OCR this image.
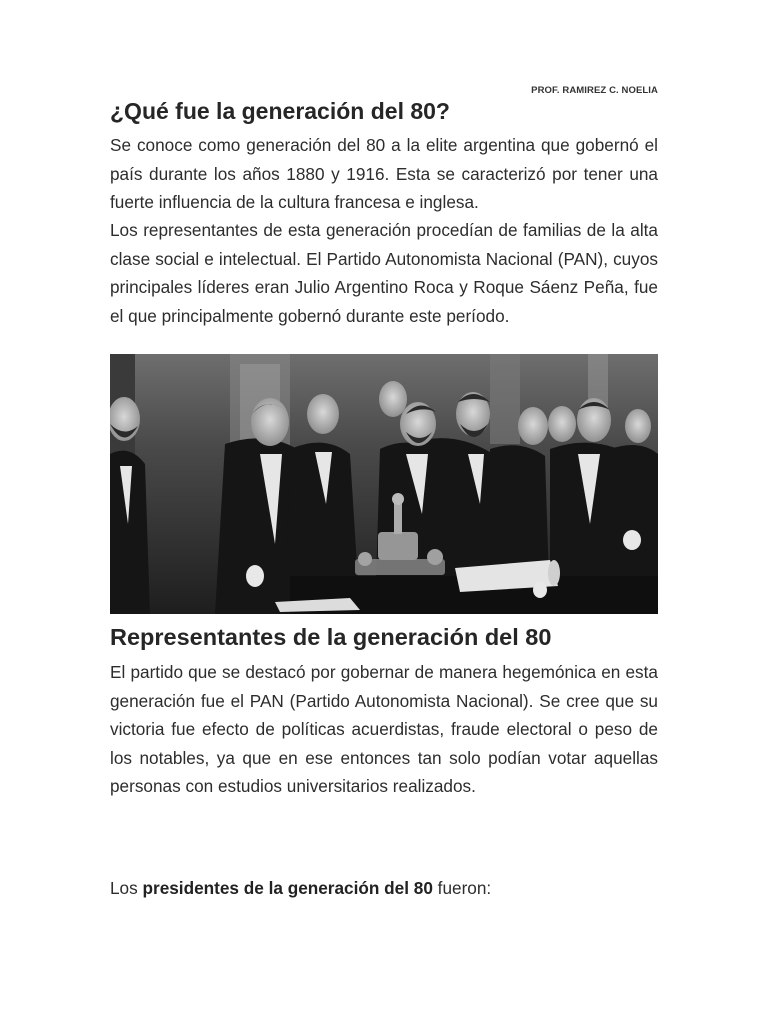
PROF. RAMIREZ C. NOELIA
¿Qué fue la generación del 80?

Se conoce como generación del 80 a la elite argentina que gobernó el país durante los años 1880 y 1916. Esta se caracterizó por tener una fuerte influencia de la cultura francesa e inglesa.

Los representantes de esta generación procedían de familias de la alta clase social e intelectual. El Partido Autonomista Nacional (PAN), cuyos principales líderes eran Julio Argentino Roca y Roque Sáenz Peña, fue el que principalmente gobernó durante este período.

Representantes de la generación del 80

El partido que se destacó por gobernar de manera hegemónica en esta generación fue el PAN (Partido Autonomista Nacional). Se cree que su victoria fue efecto de políticas acuerdistas, fraude electoral o peso de los notables, ya que en ese entonces tan solo podían votar aquellas personas con estudios universitarios realizados.

Los presidentes de la generación del 80 fueron:
